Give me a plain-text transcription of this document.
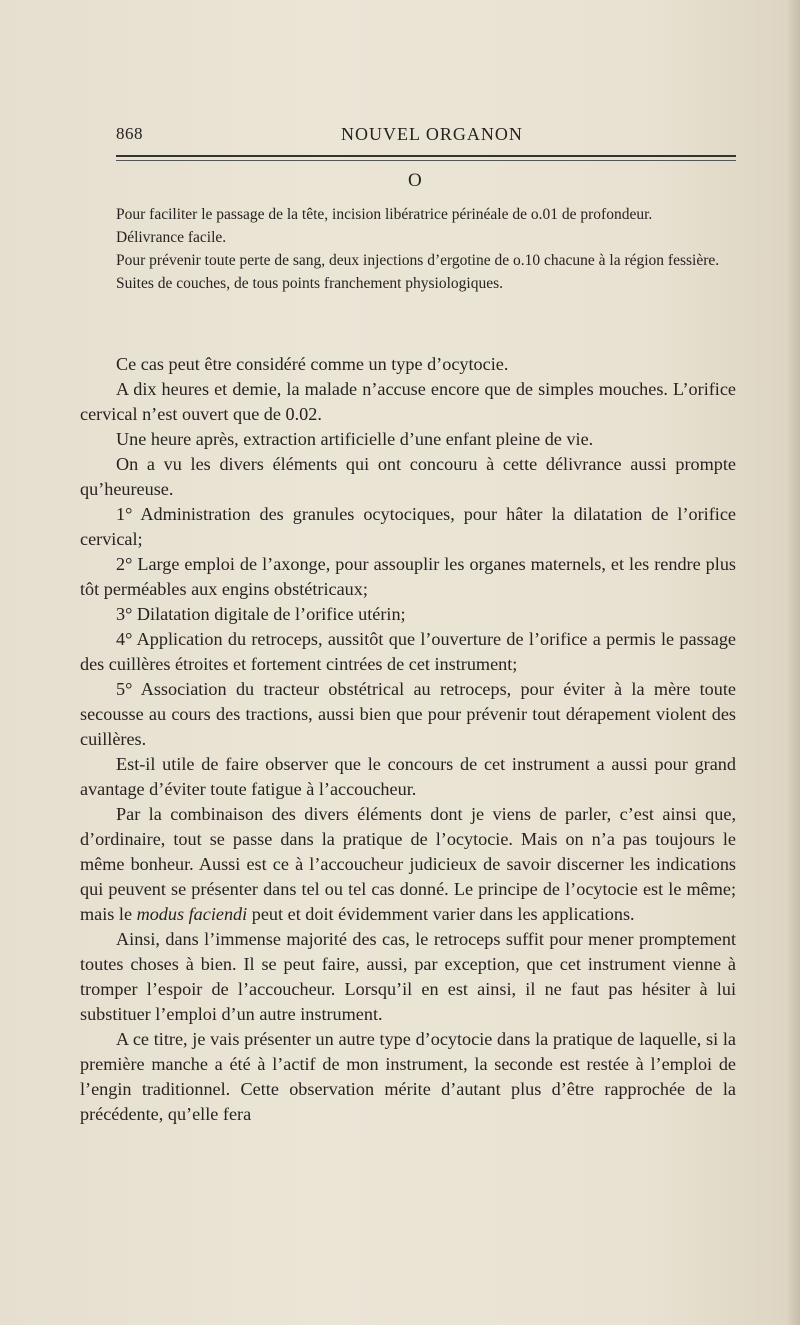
868	NOUVEL ORGANON
O

Pour faciliter le passage de la tête, incision libératrice périnéale de o.01 de profondeur.

Délivrance facile.

Pour prévenir toute perte de sang, deux injections d’ergotine de o.10 chacune à la région fessière.

Suites de couches, de tous points franchement physiologiques.

Ce cas peut être considéré comme un type d’ocytocie.

A dix heures et demie, la malade n’accuse encore que de simples mouches. L’orifice cervical n’est ouvert que de 0.02.

Une heure après, extraction artificielle d’une enfant pleine de vie.

On a vu les divers éléments qui ont concouru à cette délivrance aussi prompte qu’heureuse.

1° Administration des granules ocytociques, pour hâter la dilatation de l’orifice cervical;

2° Large emploi de l’axonge, pour assouplir les organes maternels, et les rendre plus tôt perméables aux engins obstétricaux;

3° Dilatation digitale de l’orifice utérin;

4° Application du retroceps, aussitôt que l’ouverture de l’orifice a permis le passage des cuillères étroites et fortement cintrées de cet instrument;

5° Association du tracteur obstétrical au retroceps, pour éviter à la mère toute secousse au cours des tractions, aussi bien que pour prévenir tout dérapement violent des cuillères.

Est-il utile de faire observer que le concours de cet instrument a aussi pour grand avantage d’éviter toute fatigue à l’accoucheur.

Par la combinaison des divers éléments dont je viens de parler, c’est ainsi que, d’ordinaire, tout se passe dans la pratique de l’ocytocie. Mais on n’a pas toujours le même bonheur. Aussi est ce à l’accoucheur judicieux de savoir discerner les indications qui peuvent se présenter dans tel ou tel cas donné. Le principe de l’ocytocie est le même; mais le modus faciendi peut et doit évidemment varier dans les applications.

Ainsi, dans l’immense majorité des cas, le retroceps suffit pour mener promptement toutes choses à bien. Il se peut faire, aussi, par exception, que cet instrument vienne à tromper l’espoir de l’accoucheur. Lorsqu’il en est ainsi, il ne faut pas hésiter à lui substituer l’emploi d’un autre instrument.

A ce titre, je vais présenter un autre type d’ocytocie dans la pratique de laquelle, si la première manche a été à l’actif de mon instrument, la seconde est restée à l’emploi de l’engin traditionnel. Cette observation mérite d’autant plus d’être rapprochée de la précédente, qu’elle fera
